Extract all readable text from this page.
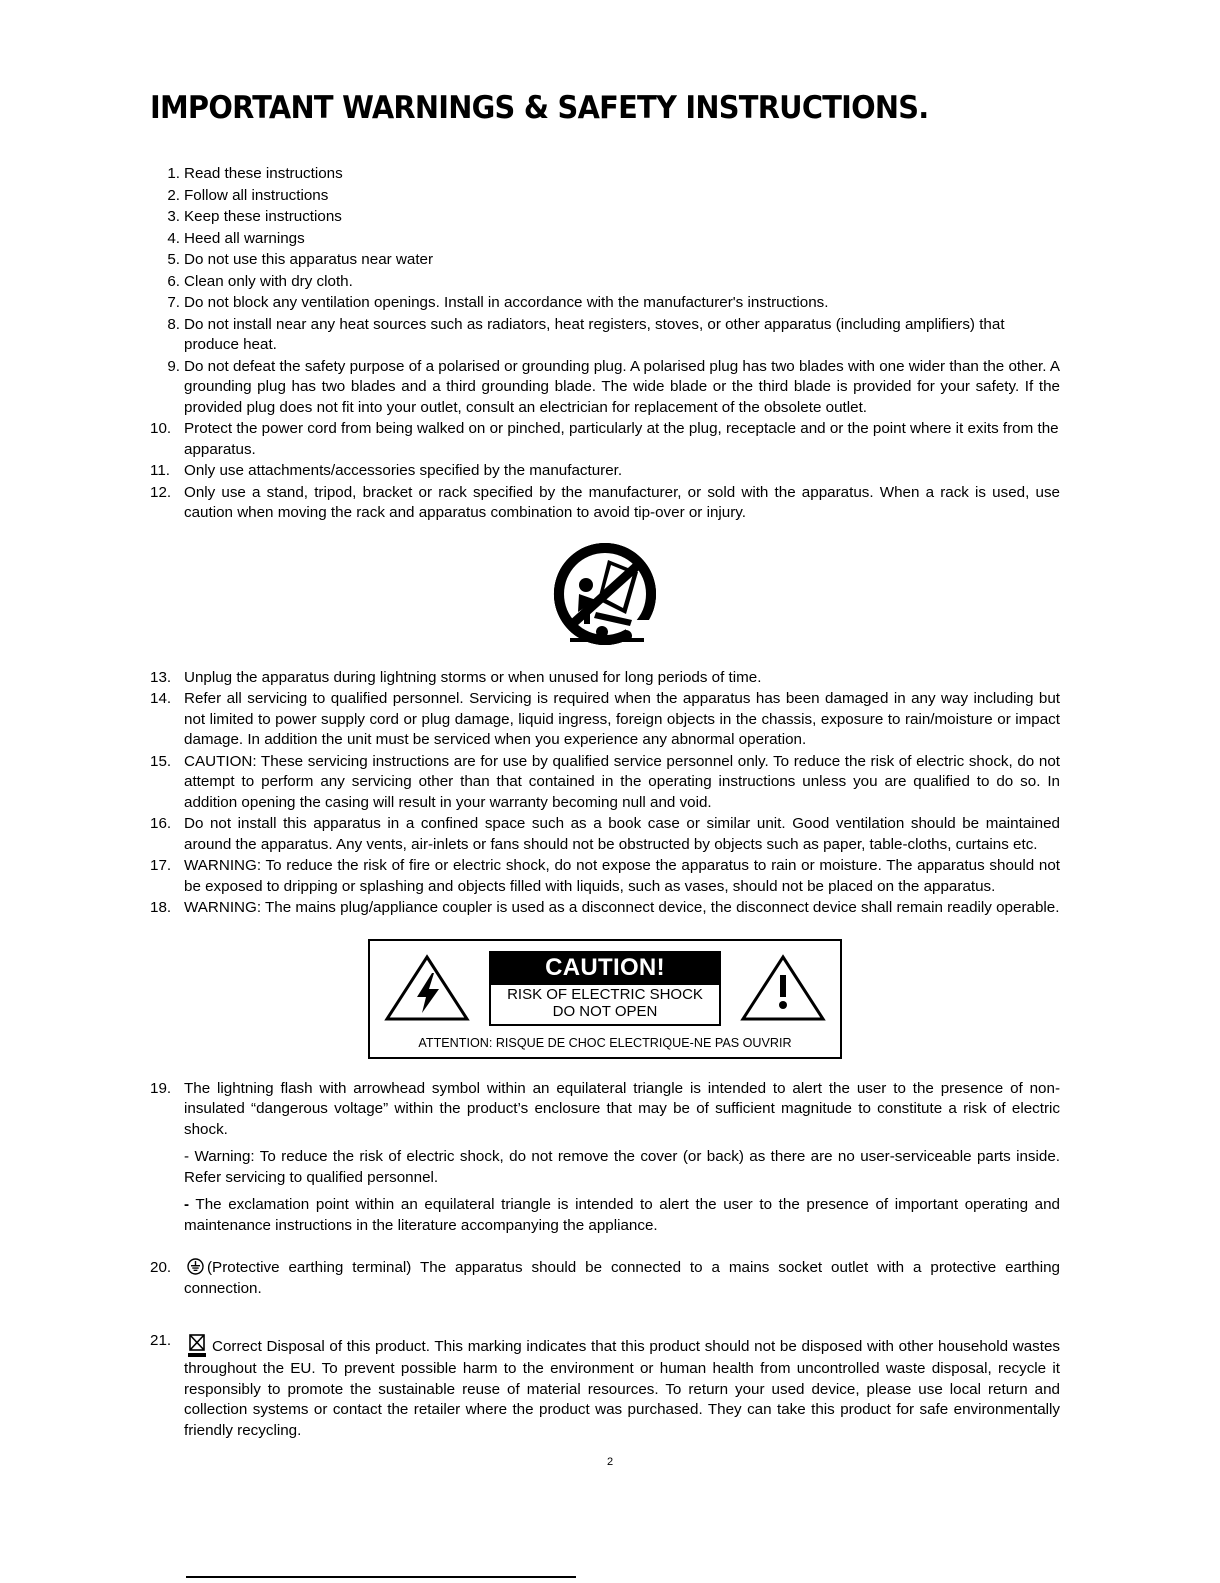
IMPORTANT WARNINGS & SAFETY INSTRUCTIONS.
1. Read these instructions
2. Follow all instructions
3. Keep these instructions
4. Heed all warnings
5. Do not use this apparatus near water
6. Clean only with dry cloth.
7. Do not block any ventilation openings. Install in accordance with the manufacturer's instructions.
8. Do not install near any heat sources such as radiators, heat registers, stoves, or other apparatus (including amplifiers) that produce heat.
9. Do not defeat the safety purpose of a polarised or grounding plug. A polarised plug has two blades with one wider than the other. A grounding plug has two blades and a third grounding blade. The wide blade or the third blade is provided for your safety. If the provided plug does not fit into your outlet, consult an electrician for replacement of the obsolete outlet.
10. Protect the power cord from being walked on or pinched, particularly at the plug, receptacle and or the point where it exits from the apparatus.
11. Only use attachments/accessories specified by the manufacturer.
12. Only use a stand, tripod, bracket or rack specified by the manufacturer, or sold with the apparatus. When a rack is used, use caution when moving the rack and apparatus combination to avoid tip-over or injury.
13. Unplug the apparatus during lightning storms or when unused for long periods of time.
14. Refer all servicing to qualified personnel. Servicing is required when the apparatus has been damaged in any way including but not limited to power supply cord or plug damage, liquid ingress, foreign objects in the chassis, exposure to rain/moisture or impact damage. In addition the unit must be serviced when you experience any abnormal operation.
15. CAUTION: These servicing instructions are for use by qualified service personnel only. To reduce the risk of electric shock, do not attempt to perform any servicing other than that contained in the operating instructions unless you are qualified to do so. In addition opening the casing will result in your warranty becoming null and void.
16. Do not install this apparatus in a confined space such as a book case or similar unit. Good ventilation should be maintained around the apparatus. Any vents, air-inlets or fans should not be obstructed by objects such as paper, table-cloths, curtains etc.
17. WARNING: To reduce the risk of fire or electric shock, do not expose the apparatus to rain or moisture. The apparatus should not be exposed to dripping or splashing and objects filled with liquids, such as vases, should not be placed on the apparatus.
18. WARNING: The mains plug/appliance coupler is used as a disconnect device, the disconnect device shall remain readily operable.
CAUTION!
RISK OF ELECTRIC SHOCK
DO NOT OPEN
ATTENTION: RISQUE DE CHOC ELECTRIQUE-NE PAS OUVRIR
19. The lightning flash with arrowhead symbol within an equilateral triangle is intended to alert the user to the presence of non-insulated “dangerous voltage” within the product’s enclosure that may be of sufficient magnitude to constitute a risk of electric shock.
- Warning: To reduce the risk of electric shock, do not remove the cover (or back) as there are no user-serviceable parts inside. Refer servicing to qualified personnel.
- The exclamation point within an equilateral triangle is intended to alert the user to the presence of important operating and maintenance instructions in the literature accompanying the appliance.
20.	(Protective earthing terminal) The apparatus should be connected to a mains socket outlet with a protective earthing connection.
21.	Correct Disposal of this product. This marking indicates that this product should not be disposed with other household wastes throughout the EU. To prevent possible harm to the environment or human health from uncontrolled waste disposal, recycle it responsibly to promote the sustainable reuse of material resources. To return your used device, please use local return and collection systems or contact the retailer where the product was purchased. They can take this product for safe environmentally friendly recycling.
2
